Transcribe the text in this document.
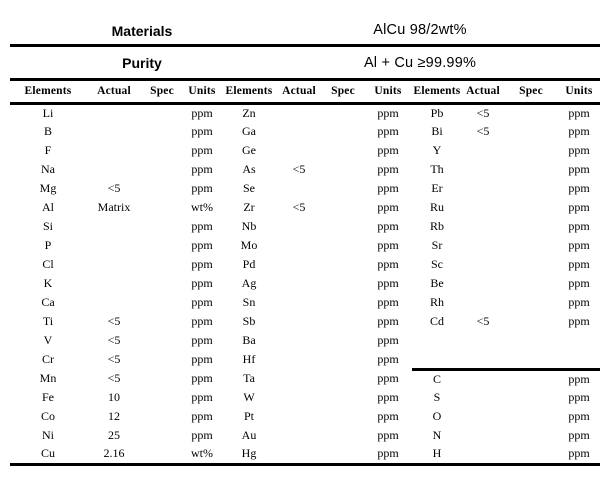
Materials	AlCu 98/2wt%
Purity	Al + Cu ≥99.99%
Elements	Actual	Spec	Units	Elements	Actual	Spec	Units	Elements	Actual	Spec	Units
Li			ppm	Zn			ppm	Pb	<5		ppm
B			ppm	Ga			ppm	Bi	<5		ppm
F			ppm	Ge			ppm	Y			ppm
Na			ppm	As	<5		ppm	Th			ppm
Mg	<5		ppm	Se			ppm	Er			ppm
Al	Matrix		wt%	Zr	<5		ppm	Ru			ppm
Si			ppm	Nb			ppm	Rb			ppm
P			ppm	Mo			ppm	Sr			ppm
Cl			ppm	Pd			ppm	Sc			ppm
K			ppm	Ag			ppm	Be			ppm
Ca			ppm	Sn			ppm	Rh			ppm
Ti	<5		ppm	Sb			ppm	Cd	<5		ppm
V	<5		ppm	Ba			ppm				
Cr	<5		ppm	Hf			ppm				
Mn	<5		ppm	Ta			ppm	C			ppm
Fe	10		ppm	W			ppm	S			ppm
Co	12		ppm	Pt			ppm	O			ppm
Ni	25		ppm	Au			ppm	N			ppm
Cu	2.16		wt%	Hg			ppm	H			ppm
